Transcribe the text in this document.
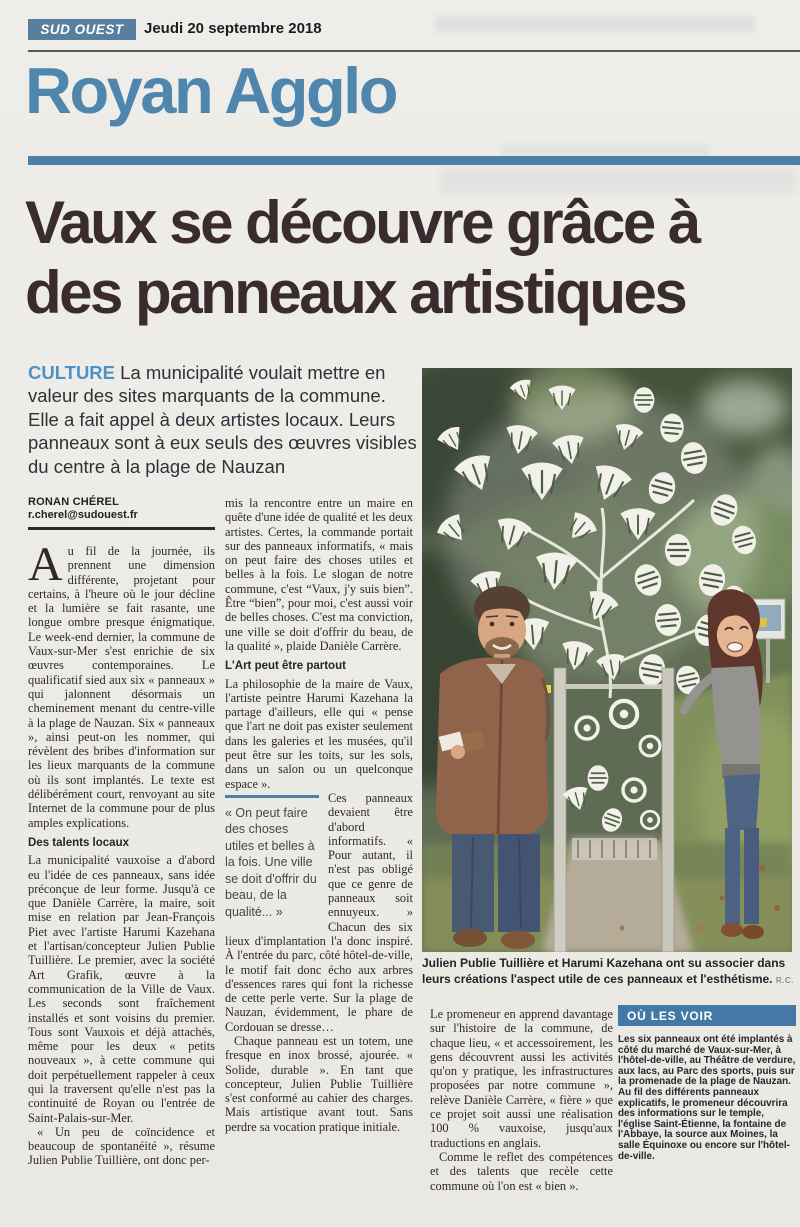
SUD OUEST	Jeudi 20 septembre 2018
Royan Agglo
Vaux se découvre grâce à
des panneaux artistiques

CULTURE La municipalité voulait mettre en valeur des sites marquants de la commune. Elle a fait appel à deux artistes locaux. Leurs panneaux sont à eux seuls des œuvres visibles du centre à la plage de Nauzan

RONAN CHÉREL
r.cherel@sudouest.fr

Au fil de la journée, ils prennent une dimension différente, projetant pour certains, à l'heure où le jour décline et la lumière se fait rasante, une longue ombre presque énigmatique. Le week-end dernier, la commune de Vaux-sur-Mer s'est enrichie de six œuvres contemporaines. Le qualificatif sied aux six « panneaux » qui jalonnent désormais un cheminement menant du centre-ville à la plage de Nauzan. Six « panneaux », ainsi peut-on les nommer, qui révèlent des bribes d'information sur les lieux marquants de la commune où ils sont implantés. Le texte est délibérément court, renvoyant au site Internet de la commune pour de plus amples explications.

Des talents locaux

La municipalité vauxoise a d'abord eu l'idée de ces panneaux, sans idée préconçue de leur forme. Jusqu'à ce que Danièle Carrère, la maire, soit mise en relation par Jean-François Piet avec l'artiste Harumi Kazehana et l'artisan/concepteur Julien Publie Tuillière. Le premier, avec la société Art Grafik, œuvre à la communication de la Ville de Vaux. Les seconds sont fraîchement installés et sont voisins du premier. Tous sont Vauxois et déjà attachés, même pour les deux « petits nouveaux », à cette commune qui doit perpétuellement rappeler à ceux qui la traversent qu'elle n'est pas la continuité de Royan ou l'entrée de Saint-Palais-sur-Mer.

« Un peu de coïncidence et beaucoup de spontanéité », résume Julien Publie Tuillière, ont donc per-

mis la rencontre entre un maire en quête d'une idée de qualité et les deux artistes. Certes, la commande portait sur des panneaux informatifs, « mais on peut faire des choses utiles et belles à la fois. Le slogan de notre commune, c'est “Vaux, j'y suis bien”. Être “bien”, pour moi, c'est aussi voir de belles choses. C'est ma conviction, une ville se doit d'offrir du beau, de la qualité », plaide Danièle Carrère.

L'Art peut être partout

La philosophie de la maire de Vaux, l'artiste peintre Harumi Kazehana la partage d'ailleurs, elle qui « pense que l'art ne doit pas exister seulement dans les galeries et les musées, qu'il peut être sur les toits, sur les sols, dans un salon ou un quelconque espace ».

« On peut faire des choses utiles et belles à la fois. Une ville se doit d'offrir du beau, de la qualité... »
Ces panneaux devaient être d'abord informatifs. « Pour autant, il n'est pas obligé que ce genre de panneaux soit ennuyeux. » Chacun des six lieux d'implantation l'a donc inspiré. À l'entrée du parc, côté hôtel-de-ville, le motif fait donc écho aux arbres d'essences rares qui font la richesse de cette perle verte. Sur la plage de Nauzan, évidemment, le phare de Cordouan se dresse…

Chaque panneau est un totem, une fresque en inox brossé, ajourée. « Solide, durable ». En tant que concepteur, Julien Publie Tuillière s'est conformé au cahier des charges. Mais artistique avant tout. Sans perdre sa vocation pratique initiale.

Julien Publie Tuillière et Harumi Kazehana ont su associer dans leurs créations l'aspect utile de ces panneaux et l'esthétisme. R.C.

Le promeneur en apprend davantage sur l'histoire de la commune, de chaque lieu, « et accessoirement, les gens découvrent aussi les activités qu'on y pratique, les infrastructures proposées par notre commune », relève Danièle Carrère, « fière » que ce projet soit aussi une réalisation 100 % vauxoise, jusqu'aux traductions en anglais.

Comme le reflet des compétences et des talents que recèle cette commune où l'on est « bien ».

OÙ LES VOIR

Les six panneaux ont été implantés à côté du marché de Vaux-sur-Mer, à l'hôtel-de-ville, au Théâtre de verdure, aux lacs, au Parc des sports, puis sur la promenade de la plage de Nauzan. Au fil des différents panneaux explicatifs, le promeneur découvrira des informations sur le temple, l'église Saint-Étienne, la fontaine de l'Abbaye, la source aux Moines, la salle Équinoxe ou encore sur l'hôtel-de-ville.
